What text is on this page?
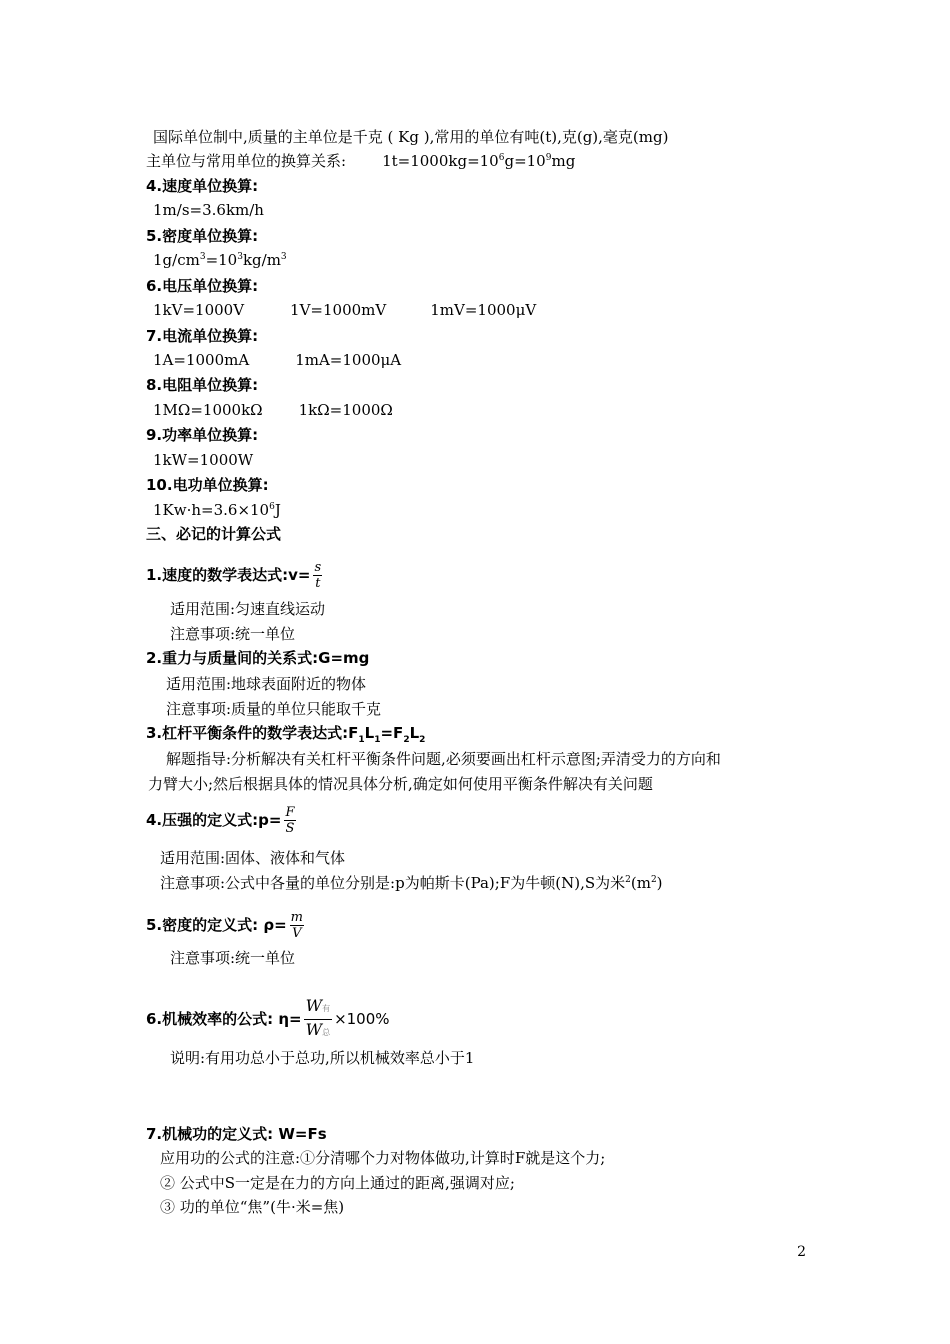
国际单位制中,质量的主单位是千克 ( Kg ),常用的单位有吨(t),克(g),毫克(mg)
主单位与常用单位的换算关系: $1t=1000kg=10^6g=10^9mg$
4.速度单位换算:
1m/s=3.6km/h
5.密度单位换算:
$1g/cm^3=10^3kg/m^3$
6.电压单位换算:
1kV=1000V	1V=1000mV	1mV=1000μV
7.电流单位换算:
1A=1000mA	1mA=1000μA
8.电阻单位换算:
1MΩ=1000kΩ 1kΩ=1000Ω
9.功率单位换算:
1kW=1000W
10.电功单位换算:
$1Kw\cdot h=3.6\times 10^6J$
三、必记的计算公式
1.速度的数学表达式:v= $\frac{s}{t}$
适用范围:匀速直线运动
注意事项:统一单位
2.重力与质量间的关系式:G=mg
适用范围:地球表面附近的物体
注意事项:质量的单位只能取千克
3.杠杆平衡条件的数学表达式$:F_1L_1=F_2L_2$
解题指导:分析解决有关杠杆平衡条件问题,必须要画出杠杆示意图;弄清受力的方向和
力臂大小;然后根据具体的情况具体分析,确定如何使用平衡条件解决有关问题
4.压强的定义式:p= $\frac{F}{S}$
适用范围:固体、液体和气体
注意事项:公式中各量的单位分别是:p为帕斯卡(Pa);F为牛顿(N),S为米$^2(m^2)$
5.密度的定义式: $\rho= \frac{m}{V}$
注意事项:统一单位
6.机械效率的公式: $\eta= \frac{\text{W有}}{\text{W总}} \times 100\%$
说明:有用功总小于总功,所以机械效率总小于1
7.机械功的定义式: W=Fs
应用功的公式的注意:①分清哪个力对物体做功,计算时F就是这个力;
② 公式中S一定是在力的方向上通过的距离,强调对应;
③ 功的单位“焦”(牛·米=焦)
2
